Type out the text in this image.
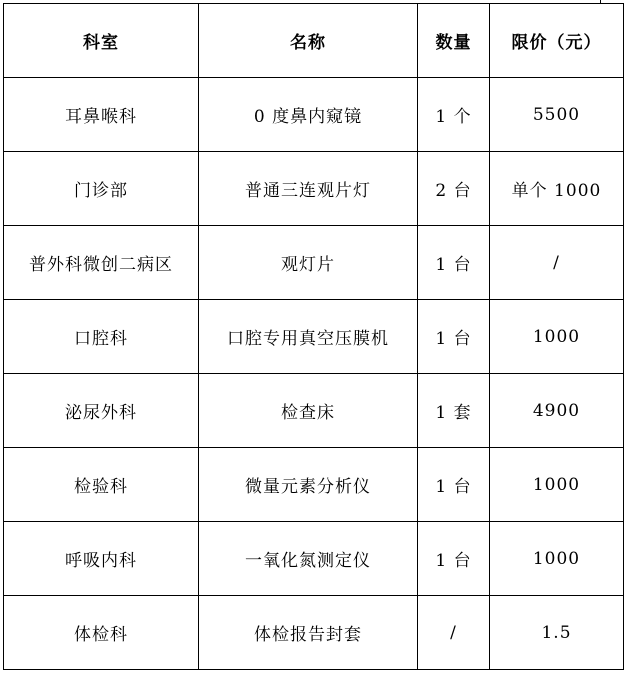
科室	名称	数量	限价（元）
耳鼻喉科	0 度鼻内窥镜	1 个	5500
门诊部	普通三连观片灯	2 台	单个 1000
普外科微创二病区	观灯片	1 台	/
口腔科	口腔专用真空压膜机	1 台	1000
泌尿外科	检查床	1 套	4900
检验科	微量元素分析仪	1 台	1000
呼吸内科	一氧化氮测定仪	1 台	1000
体检科	体检报告封套	/	1.5
